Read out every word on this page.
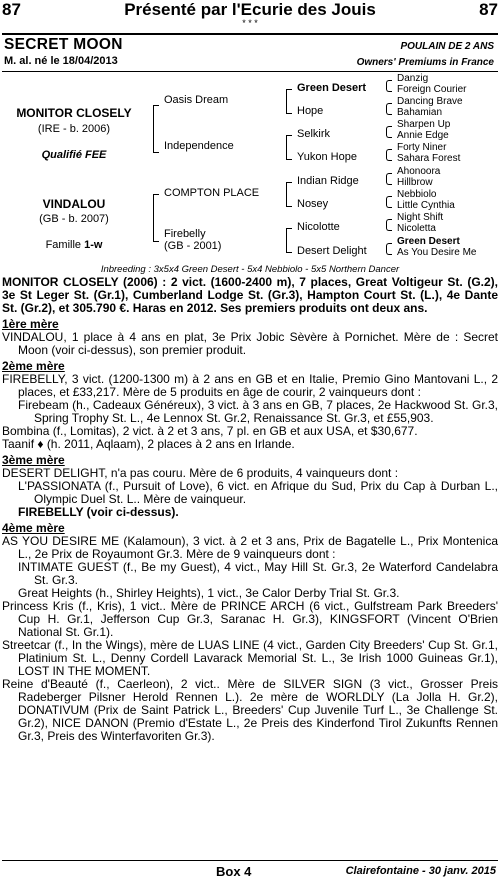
87	Présenté par l'Ecurie des Jouis	87
* * *
SECRET MOON	POULAIN DE 2 ANS
M. al. né le 18/04/2013	Owners' Premiums in France
MONITOR CLOSELY
(IRE - b. 2006)
Qualifié FEE
VINDALOU
(GB - b. 2007)
Famille 1-w
Oasis Dream
Independence
COMPTON PLACE
Firebelly
(GB - 2001)
Green Desert
Hope
Selkirk
Yukon Hope
Indian Ridge
Nosey
Nicolotte
Desert Delight
Danzig
Foreign Courier
Dancing Brave
Bahamian
Sharpen Up
Annie Edge
Forty Niner
Sahara Forest
Ahonoora
Hillbrow
Nebbiolo
Little Cynthia
Night Shift
Nicoletta
Green Desert
As You Desire Me
Inbreeding : 3x5x4 Green Desert - 5x4 Nebbiolo - 5x5 Northern Dancer

MONITOR CLOSELY (2006) : 2 vict. (1600-2400 m), 7 places, Great Voltigeur St. (G.2), 3e St Leger St. (Gr.1), Cumberland Lodge St. (Gr.3), Hampton Court St. (L.), 4e Dante St. (Gr.2), et 305.790 €. Haras en 2012. Ses premiers produits ont deux ans.

1ère mère

VINDALOU, 1 place à 4 ans en plat, 3e Prix Jobic Sèvère à Pornichet. Mère de : Secret Moon (voir ci-dessus), son premier produit.

2ème mère

FIREBELLY, 3 vict. (1200-1300 m) à 2 ans en GB et en Italie, Premio Gino Mantovani L., 2 places, et £33,217. Mère de 5 produits en âge de courir, 2 vainqueurs dont :

Firebeam (h., Cadeaux Généreux), 3 vict. à 3 ans en GB, 7 places, 2e Hackwood St. Gr.3, Spring Trophy St. L., 4e Lennox St. Gr.2, Renaissance St. Gr.3, et £55,903.

Bombina (f., Lomitas), 2 vict. à 2 et 3 ans, 7 pl. en GB et aux USA, et $30,677.

Taanif ♦ (h. 2011, Aqlaam), 2 places à 2 ans en Irlande.

3ème mère

DESERT DELIGHT, n'a pas couru. Mère de 6 produits, 4 vainqueurs dont :

L'PASSIONATA (f., Pursuit of Love), 6 vict. en Afrique du Sud, Prix du Cap à Durban L., Olympic Duel St. L.. Mère de vainqueur.

FIREBELLY (voir ci-dessus).

4ème mère

AS YOU DESIRE ME (Kalamoun), 3 vict. à 2 et 3 ans, Prix de Bagatelle L., Prix Montenica L., 2e Prix de Royaumont Gr.3. Mère de 9 vainqueurs dont :

INTIMATE GUEST (f., Be my Guest), 4 vict., May Hill St. Gr.3, 2e Waterford Candelabra St. Gr.3.

Great Heights (h., Shirley Heights), 1 vict., 3e Calor Derby Trial St. Gr.3.

Princess Kris (f., Kris), 1 vict.. Mère de PRINCE ARCH (6 vict., Gulfstream Park Breeders' Cup H. Gr.1, Jefferson Cup Gr.3, Saranac H. Gr.3), KINGSFORT (Vincent O'Brien National St. Gr.1).

Streetcar (f., In the Wings), mère de LUAS LINE (4 vict., Garden City Breeders' Cup St. Gr.1, Platinium St. L., Denny Cordell Lavarack Memorial St. L., 3e Irish 1000 Guineas Gr.1), LOST IN THE MOMENT.

Reine d'Beauté (f., Caerleon), 2 vict.. Mère de SILVER SIGN (3 vict., Grosser Preis Radeberger Pilsner Herold Rennen L.). 2e mère de WORLDLY (La Jolla H. Gr.2), DONATIVUM (Prix de Saint Patrick L., Breeders' Cup Juvenile Turf L., 3e Challenge St. Gr.2), NICE DANON (Premio d'Estate L., 2e Preis des Kinderfond Tirol Zukunfts Rennen Gr.3, Preis des Winterfavoriten Gr.3).

Box 4	Clairefontaine - 30 janv. 2015
